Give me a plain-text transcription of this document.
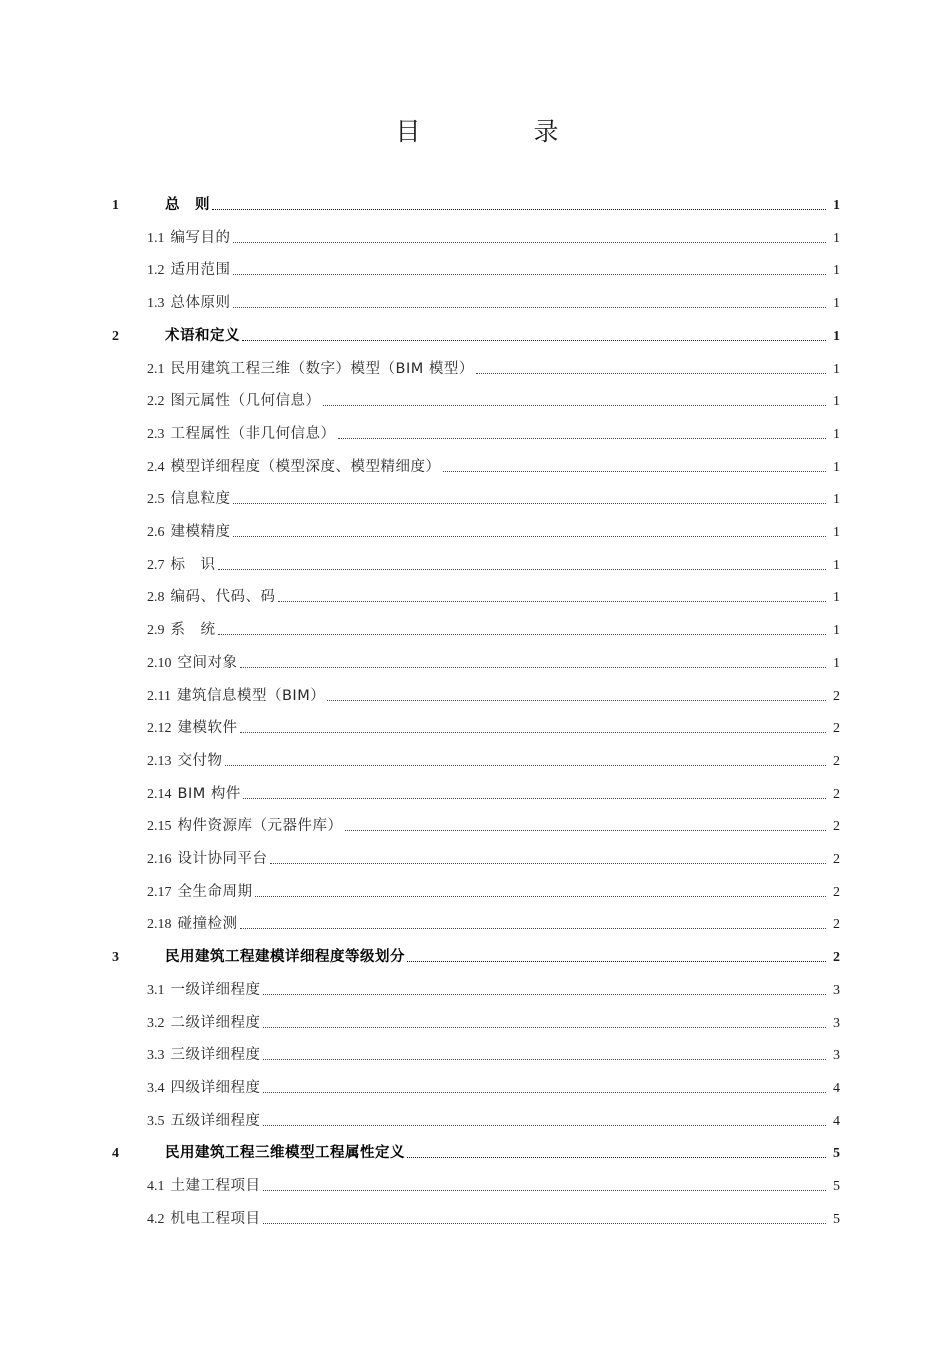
目　录
1	总　则	1
1.1 编写目的	1
1.2 适用范围	1
1.3 总体原则	1
2	术语和定义	1
2.1 民用建筑工程三维（数字）模型（BIM 模型）	1
2.2 图元属性（几何信息）	1
2.3 工程属性（非几何信息）	1
2.4 模型详细程度（模型深度、模型精细度）	1
2.5 信息粒度	1
2.6 建模精度	1
2.7 标　识	1
2.8 编码、代码、码	1
2.9 系　统	1
2.10 空间对象	1
2.11 建筑信息模型（BIM）	2
2.12 建模软件	2
2.13 交付物	2
2.14 BIM 构件	2
2.15 构件资源库（元器件库）	2
2.16 设计协同平台	2
2.17 全生命周期	2
2.18 碰撞检测	2
3	民用建筑工程建模详细程度等级划分	2
3.1 一级详细程度	3
3.2 二级详细程度	3
3.3 三级详细程度	3
3.4 四级详细程度	4
3.5 五级详细程度	4
4	民用建筑工程三维模型工程属性定义	5
4.1 土建工程项目	5
4.2 机电工程项目	5
